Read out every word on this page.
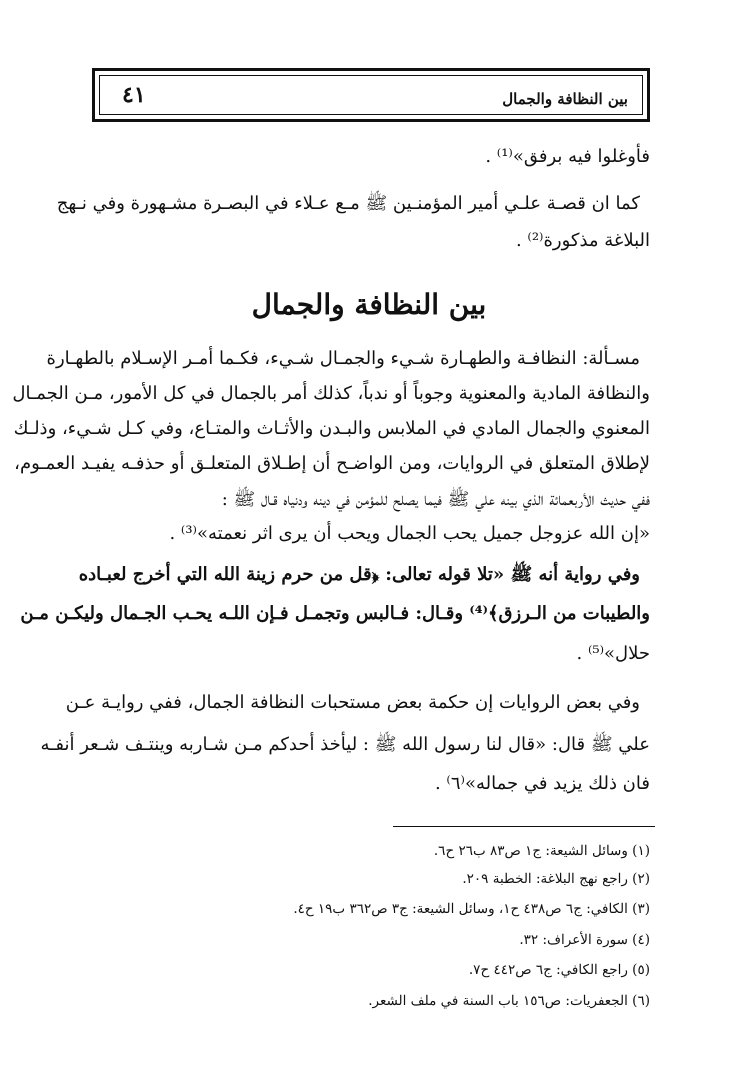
بين النظافة والجمال
٤١
فأوغلوا فيه برفق»⁽¹⁾ .
كما ان قصـة علـي أمير المؤمنـين ﷺ مـع عـلاء في البصـرة مشـهورة وفي نـهج
البلاغة مذكورة⁽²⁾ .
بين النظافة والجمال
مسـألة: النظافـة والطهـارة شـيء والجمـال شـيء، فكـما أمـر الإسـلام بالطهـارة
والنظافة المادية والمعنوية وجوباً أو ندباً، كذلك أمر بالجمال في كل الأمور، مـن الجمـال
المعنوي والجمال المادي في الملابس والبـدن والأثـاث والمتـاع، وفي كـل شـيء، وذلـك
لإطلاق المتعلق في الروايات، ومن الواضـح أن إطـلاق المتعلـق أو حذفـه يفيـد العمـوم،
ففي حديث الأربعمائة الذي بينه علي ﷺ فيما يصلح للمؤمن في دينه ودنياه قـال ﷺ :
«إن الله عزوجل جميل يحب الجمال ويحب أن يرى اثر نعمته»⁽³⁾ .
وفي رواية أنه ﷺ «تلا قوله تعالى: ﴿قل من حرم زينة الله التي أخرج لعبـاده
والطيبات من الـرزق﴾⁽⁴⁾ وقـال: فـالبس وتجمـل فـإن اللـه يحـب الجـمال وليكـن مـن
حلال»⁽⁵⁾ .
وفي بعض الروايات إن حكمة بعض مستحبات النظافة الجمال، ففي روايـة عـن
علي ﷺ قال: «قال لنا رسول الله ﷺ : ليأخذ أحدكم مـن شـاربه وينتـف شـعر أنفـه
فان ذلك يزيد في جماله»⁽٦⁾ .
(١) وسائل الشيعة: ج١ ص٨٣ ب٢٦ ح٦.
(٢) راجع نهج البلاغة: الخطبة ٢٠٩.
(٣) الكافي: ج٦ ص٤٣٨ ح١، وسائل الشيعة: ج٣ ص٣٦٢ ب١٩ ح٤.
(٤) سورة الأعراف: ٣٢.
(٥) راجع الكافي: ج٦ ص٤٤٢ ح٧.
(٦) الجعفريات: ص١٥٦ باب السنة في ملف الشعر.
